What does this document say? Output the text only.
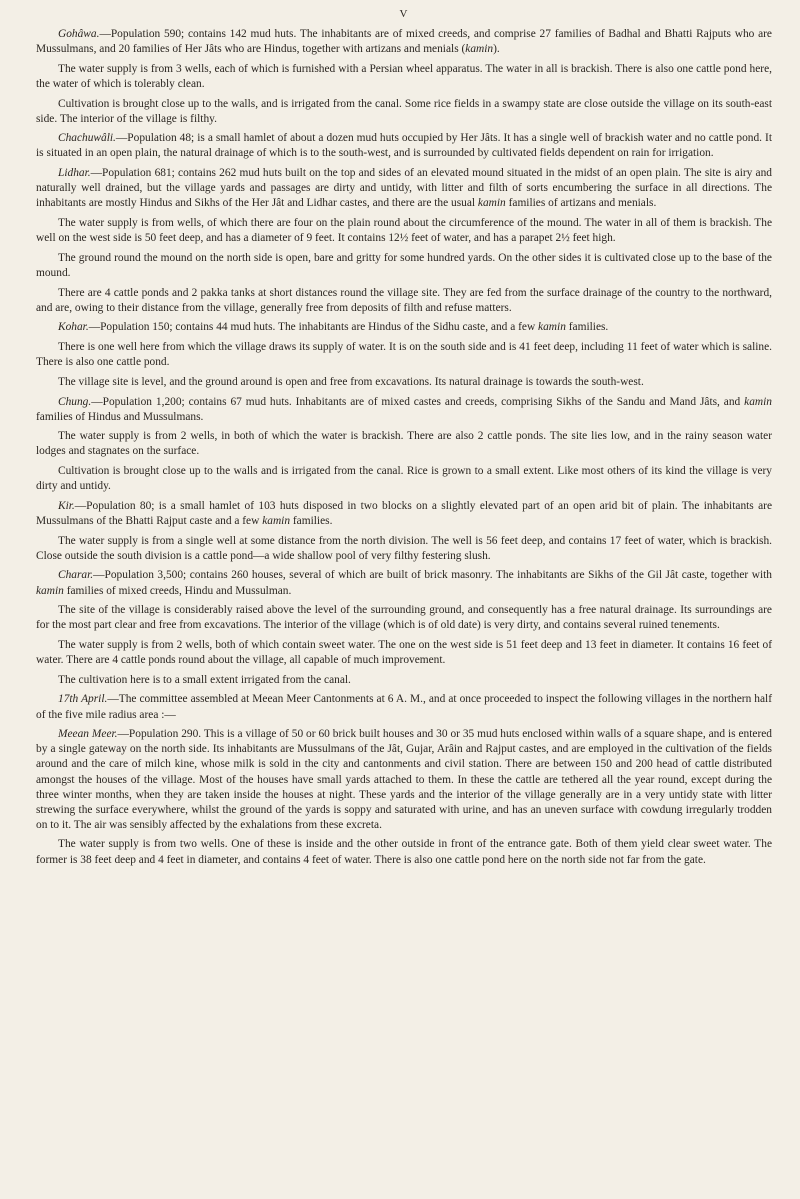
V

Gohâwa.—Population 590; contains 142 mud huts. The inhabitants are of mixed creeds, and comprise 27 families of Badhal and Bhatti Rajputs who are Mussulmans, and 20 families of Her Jâts who are Hindus, together with artizans and menials (kamin).

The water supply is from 3 wells, each of which is furnished with a Persian wheel apparatus. The water in all is brackish. There is also one cattle pond here, the water of which is tolerably clean.

Cultivation is brought close up to the walls, and is irrigated from the canal. Some rice fields in a swampy state are close outside the village on its south-east side. The interior of the village is filthy.

Chachuwâli.—Population 48; is a small hamlet of about a dozen mud huts occupied by Her Jâts. It has a single well of brackish water and no cattle pond. It is situated in an open plain, the natural drainage of which is to the south-west, and is surrounded by cultivated fields dependent on rain for irrigation.

Lidhar.—Population 681; contains 262 mud huts built on the top and sides of an elevated mound situated in the midst of an open plain. The site is airy and naturally well drained, but the village yards and passages are dirty and untidy, with litter and filth of sorts encumbering the surface in all directions. The inhabitants are mostly Hindus and Sikhs of the Her Jât and Lidhar castes, and there are the usual kamin families of artizans and menials.

The water supply is from wells, of which there are four on the plain round about the circumference of the mound. The water in all of them is brackish. The well on the west side is 50 feet deep, and has a diameter of 9 feet. It contains 12½ feet of water, and has a parapet 2½ feet high.

The ground round the mound on the north side is open, bare and gritty for some hundred yards. On the other sides it is cultivated close up to the base of the mound.

There are 4 cattle ponds and 2 pakka tanks at short distances round the village site. They are fed from the surface drainage of the country to the northward, and are, owing to their distance from the village, generally free from deposits of filth and refuse matters.

Kohar.—Population 150; contains 44 mud huts. The inhabitants are Hindus of the Sidhu caste, and a few kamin families.

There is one well here from which the village draws its supply of water. It is on the south side and is 41 feet deep, including 11 feet of water which is saline. There is also one cattle pond.

The village site is level, and the ground around is open and free from excavations. Its natural drainage is towards the south-west.

Chung.—Population 1,200; contains 67 mud huts. Inhabitants are of mixed castes and creeds, comprising Sikhs of the Sandu and Mand Jâts, and kamin families of Hindus and Mussulmans.

The water supply is from 2 wells, in both of which the water is brackish. There are also 2 cattle ponds. The site lies low, and in the rainy season water lodges and stagnates on the surface.

Cultivation is brought close up to the walls and is irrigated from the canal. Rice is grown to a small extent. Like most others of its kind the village is very dirty and untidy.

Kir.—Population 80; is a small hamlet of 103 huts disposed in two blocks on a slightly elevated part of an open arid bit of plain. The inhabitants are Mussulmans of the Bhatti Rajput caste and a few kamin families.

The water supply is from a single well at some distance from the north division. The well is 56 feet deep, and contains 17 feet of water, which is brackish. Close outside the south division is a cattle pond—a wide shallow pool of very filthy festering slush.

Charar.—Population 3,500; contains 260 houses, several of which are built of brick masonry. The inhabitants are Sikhs of the Gil Jât caste, together with kamin families of mixed creeds, Hindu and Mussulman.

The site of the village is considerably raised above the level of the surrounding ground, and consequently has a free natural drainage. Its surroundings are for the most part clear and free from excavations. The interior of the village (which is of old date) is very dirty, and contains several ruined tenements.

The water supply is from 2 wells, both of which contain sweet water. The one on the west side is 51 feet deep and 13 feet in diameter. It contains 16 feet of water. There are 4 cattle ponds round about the village, all capable of much improvement.

The cultivation here is to a small extent irrigated from the canal.

17th April.—The committee assembled at Meean Meer Cantonments at 6 A. M., and at once proceeded to inspect the following villages in the northern half of the five mile radius area :—

Meean Meer.—Population 290. This is a village of 50 or 60 brick built houses and 30 or 35 mud huts enclosed within walls of a square shape, and is entered by a single gateway on the north side. Its inhabitants are Mussulmans of the Jât, Gujar, Arâin and Rajput castes, and are employed in the cultivation of the fields around and the care of milch kine, whose milk is sold in the city and cantonments and civil station. There are between 150 and 200 head of cattle distributed amongst the houses of the village. Most of the houses have small yards attached to them. In these the cattle are tethered all the year round, except during the three winter months, when they are taken inside the houses at night. These yards and the interior of the village generally are in a very untidy state with litter strewing the surface everywhere, whilst the ground of the yards is soppy and saturated with urine, and has an uneven surface with cowdung irregularly trodden on to it. The air was sensibly affected by the exhalations from these excreta.

The water supply is from two wells. One of these is inside and the other outside in front of the entrance gate. Both of them yield clear sweet water. The former is 38 feet deep and 4 feet in diameter, and contains 4 feet of water. There is also one cattle pond here on the north side not far from the gate.
